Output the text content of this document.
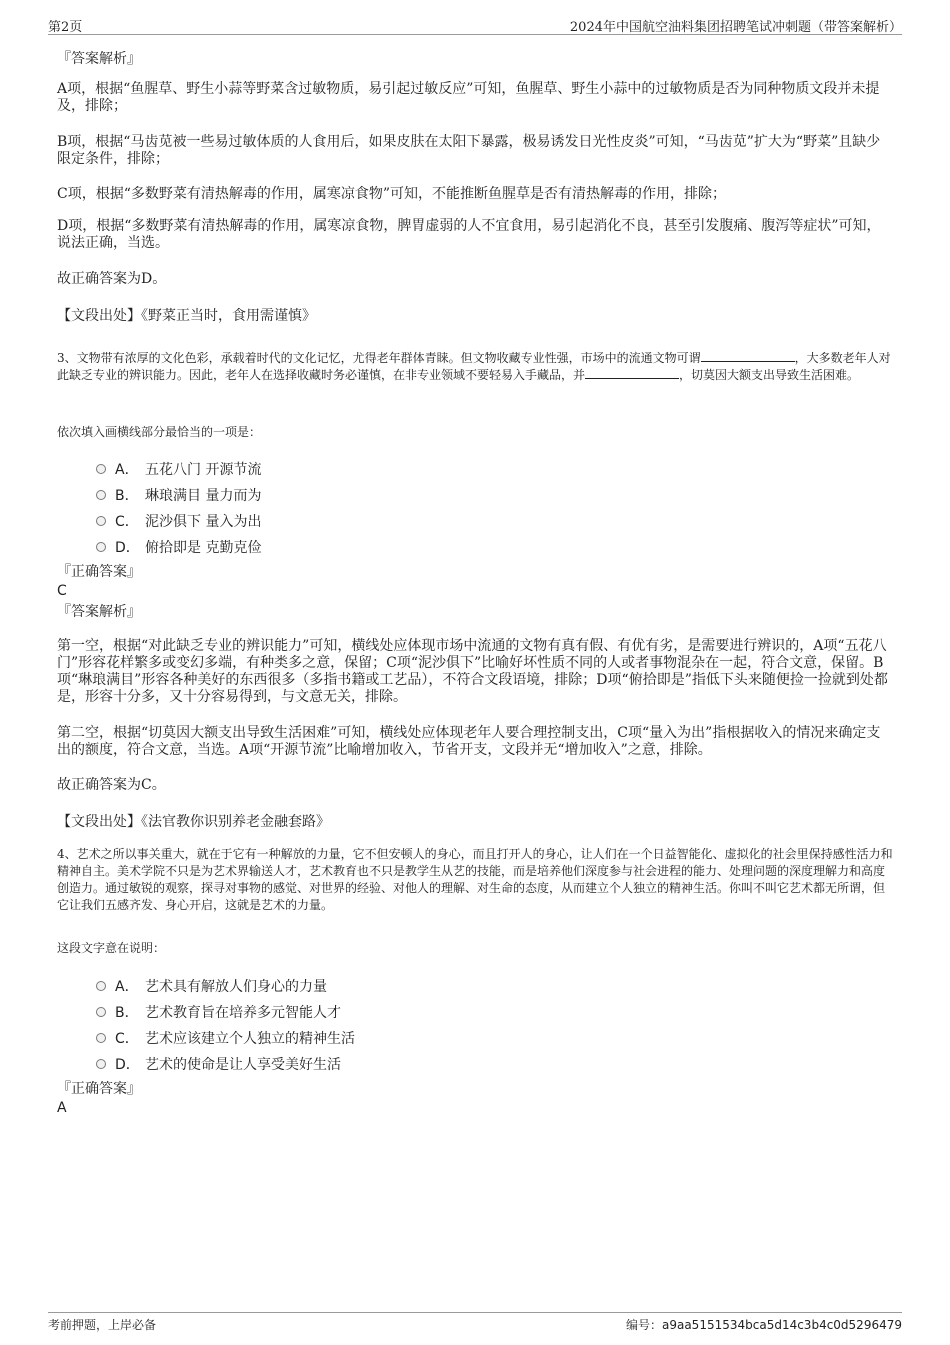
第2页	2024年中国航空油料集团招聘笔试冲刺题（带答案解析）

『答案解析』

A项，根据“鱼腥草、野生小蒜等野菜含过敏物质，易引起过敏反应”可知，鱼腥草、野生小蒜中的过敏物质是否为同种物质文段并未提及，排除；

B项，根据“马齿苋被一些易过敏体质的人食用后，如果皮肤在太阳下暴露，极易诱发日光性皮炎”可知，“马齿苋”扩大为“野菜”且缺少限定条件，排除；

C项，根据“多数野菜有清热解毒的作用，属寒凉食物”可知，不能推断鱼腥草是否有清热解毒的作用，排除；

D项，根据“多数野菜有清热解毒的作用，属寒凉食物，脾胃虚弱的人不宜食用，易引起消化不良，甚至引发腹痛、腹泻等症状”可知，说法正确，当选。

故正确答案为D。

【文段出处】《野菜正当时，食用需谨慎》

3、文物带有浓厚的文化色彩，承载着时代的文化记忆，尤得老年群体青睐。但文物收藏专业性强，市场中的流通文物可谓	，大多数老年人对此缺乏专业的辨识能力。因此，老年人在选择收藏时务必谨慎，在非专业领域不要轻易入手藏品，并	，切莫因大额支出导致生活困难。

依次填入画横线部分最恰当的一项是：

A． 五花八门 开源节流
B． 琳琅满目 量力而为
C． 泥沙俱下 量入为出
D． 俯拾即是 克勤克俭

『正确答案』

C

『答案解析』

第一空，根据“对此缺乏专业的辨识能力”可知，横线处应体现市场中流通的文物有真有假、有优有劣，是需要进行辨识的，A项“五花八门”形容花样繁多或变幻多端，有种类多之意，保留；C项“泥沙俱下”比喻好坏性质不同的人或者事物混杂在一起，符合文意，保留。B项“琳琅满目”形容各种美好的东西很多（多指书籍或工艺品），不符合文段语境，排除；D项“俯拾即是”指低下头来随便捡一捡就到处都是，形容十分多，又十分容易得到，与文意无关，排除。

第二空，根据“切莫因大额支出导致生活困难”可知，横线处应体现老年人要合理控制支出，C项“量入为出”指根据收入的情况来确定支出的额度，符合文意，当选。A项“开源节流”比喻增加收入，节省开支，文段并无“增加收入”之意，排除。

故正确答案为C。

【文段出处】《法官教你识别养老金融套路》

4、艺术之所以事关重大，就在于它有一种解放的力量，它不但安顿人的身心，而且打开人的身心，让人们在一个日益智能化、虚拟化的社会里保持感性活力和精神自主。美术学院不只是为艺术界输送人才，艺术教育也不只是教学生从艺的技能，而是培养他们深度参与社会进程的能力、处理问题的深度理解力和高度创造力。通过敏锐的观察，探寻对事物的感觉、对世界的经验、对他人的理解、对生命的态度，从而建立个人独立的精神生活。你叫不叫它艺术都无所谓，但它让我们五感齐发、身心开启，这就是艺术的力量。

这段文字意在说明：

A． 艺术具有解放人们身心的力量
B． 艺术教育旨在培养多元智能人才
C． 艺术应该建立个人独立的精神生活
D． 艺术的使命是让人享受美好生活

『正确答案』

A

考前押题，上岸必备	编号：a9aa5151534bca5d14c3b4c0d5296479
